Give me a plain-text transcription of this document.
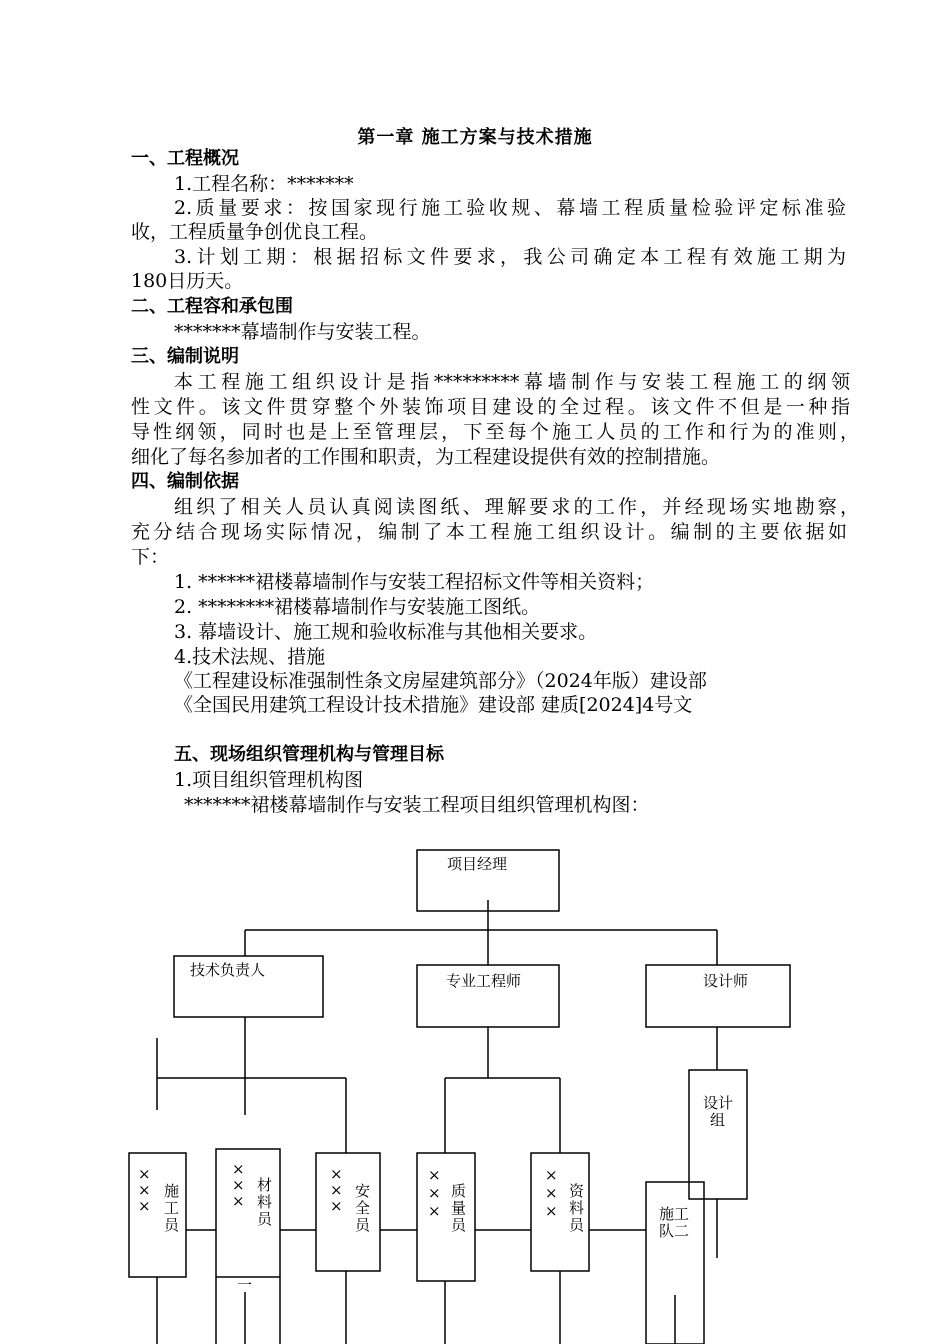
第一章 施工方案与技术措施
一、工程概况
1.工程名称：*******
2.质量要求：按国家现行施工验收规、幕墙工程质量检验评定标准验
收，工程质量争创优良工程。
3.计划工期：根据招标文件要求，我公司确定本工程有效施工期为
180日历天。
二、工程容和承包围
*******幕墙制作与安装工程。
三、编制说明
本工程施工组织设计是指*********幕墙制作与安装工程施工的纲领
性文件。该文件贯穿整个外装饰项目建设的全过程。该文件不但是一种指
导性纲领，同时也是上至管理层，下至每个施工人员的工作和行为的准则，
细化了每名参加者的工作围和职责，为工程建设提供有效的控制措施。
四、编制依据
组织了相关人员认真阅读图纸、理解要求的工作，并经现场实地勘察，
充分结合现场实际情况，编制了本工程施工组织设计。编制的主要依据如
下：
1. ******裙楼幕墙制作与安装工程招标文件等相关资料；
2. ********裙楼幕墙制作与安装施工图纸。
3. 幕墙设计、施工规和验收标准与其他相关要求。
4.技术法规、措施
《工程建设标准强制性条文房屋建筑部分》（2024年版）建设部
《全国民用建筑工程设计技术措施》建设部 建质[2024]4号文
五、现场组织管理机构与管理目标
1.项目组织管理机构图
*******裙楼幕墙制作与安装工程项目组织管理机构图：
项目经理
技术负责人
专业工程师	设计师
设计
组
×
×
×
施
工
员
×
×
×
材
料
员
一
×
×
×
安
全
员
×
×
×
质
量
员
×
×
×
资
料
员
施工
队二
